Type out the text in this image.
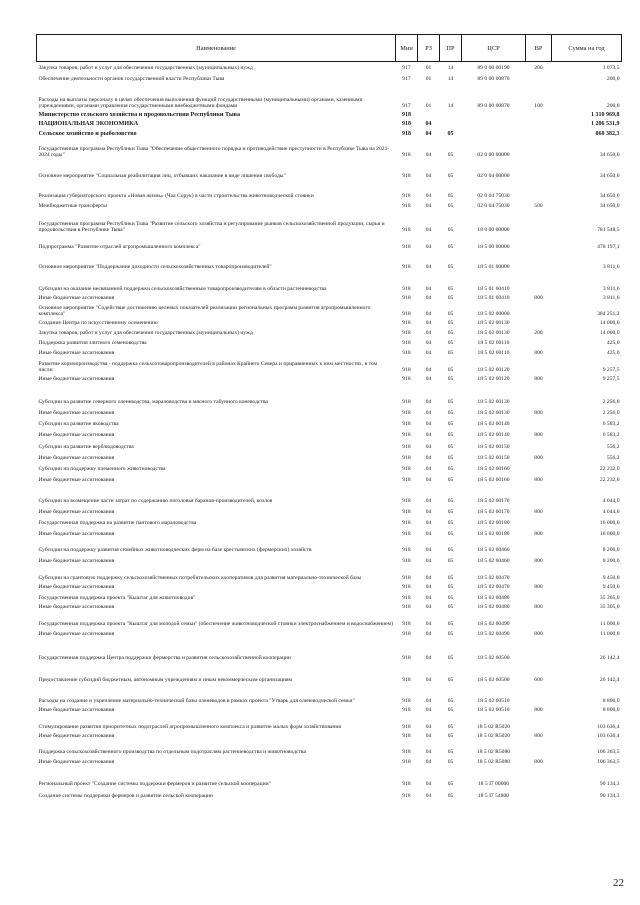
Наименование	Мин	РЗ	ПР	ЦСР	ВР	Сумма на год
Закупка товаров, работ и услуг для обеспечения государственных (муниципальных) нужд	917	01	14	89 0 00 00190	200	1 073,5
Обеспечение деятельности органов государственной власти Республики Тыва	917	01	14	89 0 00 00870		200,0
Расходы на выплаты персоналу в целях обеспечения выполнения функций государственными (муниципальными) органами, казенными учреждениями, органами управления государственными внебюджетными фондами	917	01	14	89 0 00 00870	100	200,0
Министерство сельского хозяйства и продовольствия Республики Тыва	918					1 310 969,8
НАЦИОНАЛЬНАЯ ЭКОНОМИКА	918	04				1 206 531,9
Сельское хозяйство и рыболовство	918	04	05			868 382,3
Государственная программа Республики Тыва "Обеспечение общественного порядка и противодействие преступности в Республике Тыва на 2021-2024 годы"	918	04	05	02 0 00 00000		34 650,0
Основное мероприятие "Социальная реабилитация лиц, отбывших наказание в виде лишения свободы"	918	04	05	02 0 04 00000		34 650,0
Реализация губернаторского проекта «Новая жизнь» (Чаа Сорук) в части строительства животноводческой стоянки	918	04	05	02 0 04 75030		34 650,0
Межбюджетные трансферты	918	04	05	02 0 04 75030	500	34 650,0
Государственная программа Республики Тыва "Развитие сельского хозяйства и регулирование рынков сельскохозяйственной продукции, сырья и продовольствия в Республике Тыва"	918	04	05	18 0 00 00000		781 548,5
Подпрограмма "Развитие отраслей агропромышленного комплекса"	918	04	05	18 5 00 00000		478 197,1
Основное мероприятие "Поддержание доходности сельскохозяйственных товаропроизводителей"	918	04	05	18 5 01 00000		3 811,6
Субсидии на оказание несвязанной поддержки сельскохозяйственным товаропроизводителям в области растениеводства	918	04	05	18 5 01 60410		3 811,6
Иные бюджетные ассигнования	918	04	05	18 5 01 60410	800	3 811,6
Основное мероприятие "Содействие достижению целевых показателей реализации региональных программ развития агропромышленного комплекса"	918	04	05	18 5 02 00000		384 251,2
Создание Центра по искусственному осеменению	918	04	05	18 5 02 00130		14 000,0
Закупка товаров, работ и услуг для обеспечения государственных (муниципальных) нужд	918	04	05	18 5 02 00130	200	14 000,0
Поддержка развития элитного семеноводства	918	04	05	18 5 02 60110		425,0
Иные бюджетные ассигнования	918	04	05	18 5 02 60110	800	425,0
Развитие кормопроизводства - поддержка сельхозтоваропроизводителей в районах Крайнего Севера и приравненных к ним местностях, в том числе:	918	04	05	18 5 02 60120		9 257,5
Иные бюджетные ассигнования	918	04	05	18 5 02 60120	800	9 257,5
Субсидии на развитие северного оленеводства, мараловодства и мясного табунного коневодства	918	04	05	18 5 02 60130		2 256,0
Иные бюджетные ассигнования	918	04	05	18 5 02 60130	800	2 256,0
Субсидии на развитие яководства	918	04	05	18 5 02 60140		6 583,2
Иные бюджетные ассигнования	918	04	05	18 5 02 60140	800	6 583,2
Субсидии на развитие верблюдоводства	918	04	05	18 5 02 60150		556,2
Иные бюджетные ассигнования	918	04	05	18 5 02 60150	800	556,2
Субсидии на поддержку племенного животноводства	918	04	05	18 5 02 60160		22 232,0
Иные бюджетные ассигнования	918	04	05	18 5 02 60160	800	22 232,0
Субсидии на возмещение части затрат по содержанию поголовья баранов-производителей, козлов	918	04	05	18 5 02 60170		4 044,0
Иные бюджетные ассигнования	918	04	05	18 5 02 60170	800	4 044,0
Государственная поддержка на развитие пантового мараловодства	918	04	05	18 5 02 60180		16 000,0
Иные бюджетные ассигнования	918	04	05	18 5 02 60180	800	16 000,0
Субсидии на поддержку развития семейных животноводческих ферм на базе крестьянских (фермерских) хозяйств	918	04	05	18 5 02 60460		8 200,0
Иные бюджетные ассигнования	918	04	05	18 5 02 60460	800	8 200,0
Субсидии на грантовую поддержку сельскохозяйственных потребительских кооперативов для развития материально-технической базы	918	04	05	18 5 02 60470		9 450,0
Иные бюджетные ассигнования	918	04	05	18 5 02 60470	800	9 450,0
Государственная поддержка проекта "Кыштаг для животноводов"	918	04	05	18 5 02 60480		35 305,0
Иные бюджетные ассигнования	918	04	05	18 5 02 60480	800	35 305,0
Государственная поддержка проекта "Кыштаг для молодой семьи" (обеспечение животноводческой стоянки электроснабжением и водоснабжением)	918	04	05	18 5 02 60490		11 000,0
Иные бюджетные ассигнования	918	04	05	18 5 02 60490	800	11 000,0
Государственная поддержка Центра поддержки фермерства и развития сельскохозяйственной кооперации	918	04	05	18 5 02 60500		26 142,4
Предоставление субсидий бюджетным, автономным учреждениям и иным некоммерческим организациям	918	04	05	18 5 02 60500	600	26 142,4
Расходы на создание и укрепление материально-технической базы оленеводов в рамках проекта "Утварь для оленеводческой семьи"	918	04	05	18 5 02 60510		8 800,0
Иные бюджетные ассигнования	918	04	05	18 5 02 60510	800	8 800,0
Стимулирование развития приоритетных подотраслей агропромышленного комплекса и развитие малых форм хозяйствования	918	04	05	18 5 02 R5020		103 636,4
Иные бюджетные ассигнования	918	04	05	18 5 02 R5020	800	103 636,4
Поддержка сельскохозяйственного производства по отдельным подотраслям растениеводства и животноводства	918	04	05	18 5 02 R5080		106 363,5
Иные бюджетные ассигнования	918	04	05	18 5 02 R5080	800	106 363,5
Региональный проект "Создание системы поддержки фермеров и развитие сельской кооперации"	918	04	05	18 5 I7 00000		90 134,3
Создание системы поддержки фермеров и развитие сельской кооперации	918	04	05	18 5 I7 54800		90 134,3
22
